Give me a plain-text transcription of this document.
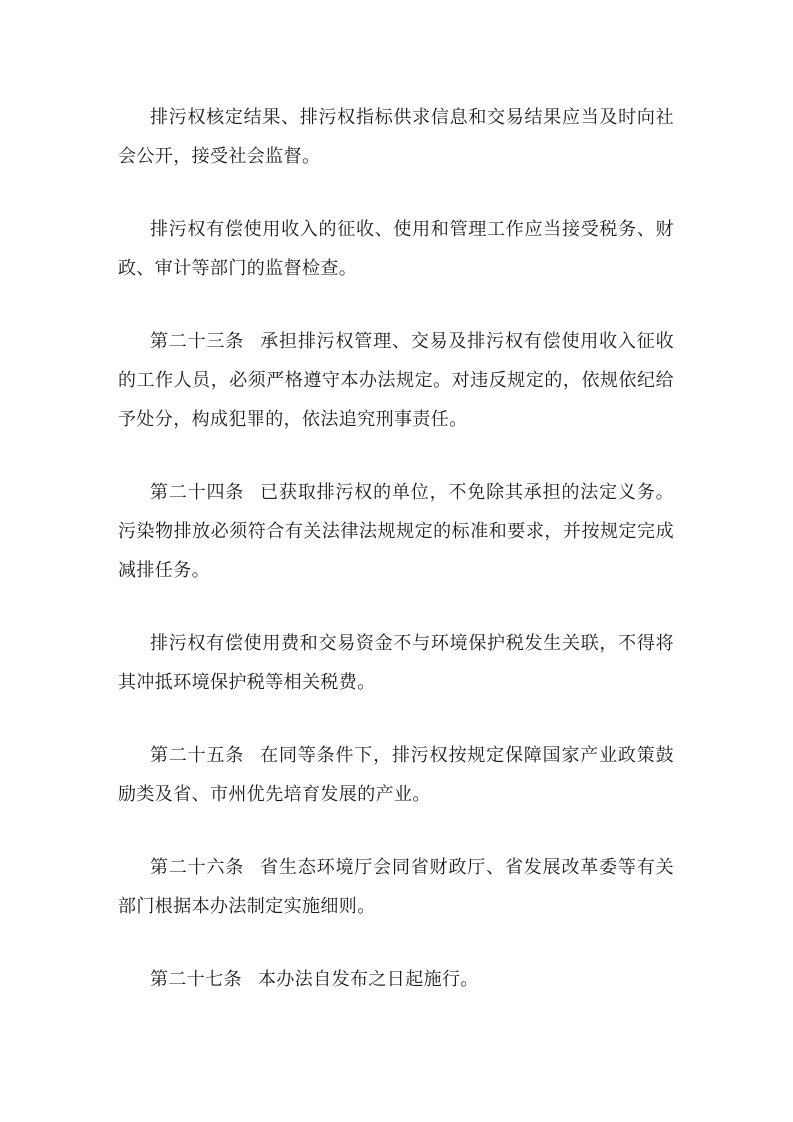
排污权核定结果、排污权指标供求信息和交易结果应当及时向社会公开，接受社会监督。

排污权有偿使用收入的征收、使用和管理工作应当接受税务、财政、审计等部门的监督检查。

第二十三条 承担排污权管理、交易及排污权有偿使用收入征收的工作人员，必须严格遵守本办法规定。对违反规定的，依规依纪给予处分，构成犯罪的，依法追究刑事责任。

第二十四条 已获取排污权的单位，不免除其承担的法定义务。污染物排放必须符合有关法律法规规定的标准和要求，并按规定完成减排任务。

排污权有偿使用费和交易资金不与环境保护税发生关联，不得将其冲抵环境保护税等相关税费。

第二十五条 在同等条件下，排污权按规定保障国家产业政策鼓励类及省、市州优先培育发展的产业。

第二十六条 省生态环境厅会同省财政厅、省发展改革委等有关部门根据本办法制定实施细则。

第二十七条 本办法自发布之日起施行。
